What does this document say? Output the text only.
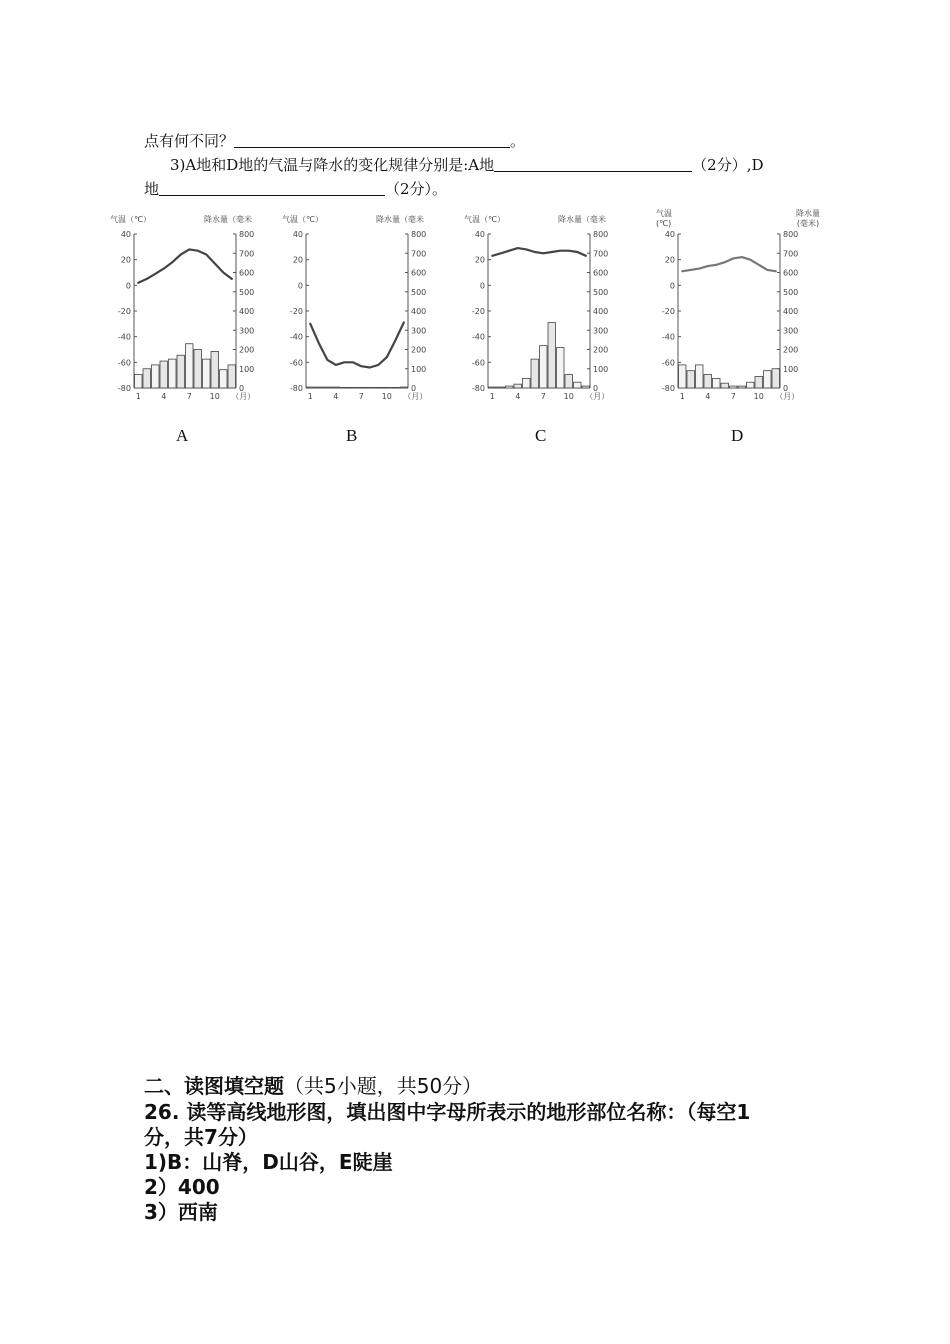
点有何不同？	。
3)A地和D地的气温与降水的变化规律分别是:A地	（2分）,D
地	（2分）。
气温（℃）	降水量（毫米
40
20
0
-20
-40
-60
-80
800
700
600
500
400
300
200
100
0
1	4	7 10 （月）
气温（℃）	降水量（毫米
40
20
0
-20
-40
-60
-80
800
700
600
500
400
300
200
100
0
1	4	7 10 （月）
气温（℃）	降水量（毫米
40
20
0
-20
-40
-60
-80
800
700
600
500
400
300
200
100
0
1	4	7 10 （月）
气温
(℃)
降水量
(毫米)
40
20
0
-20
-40
-60
-80
800
700
600
500
400
300
200
100
0
1	4	7 10 （月）
A	B	C	D
二、读图填空题（共5小题，共50分）
26. 读等高线地形图，填出图中字母所表示的地形部位名称：（每空1
分，共7分）
1)B：山脊，D山谷，E陡崖
2）400
3）西南
